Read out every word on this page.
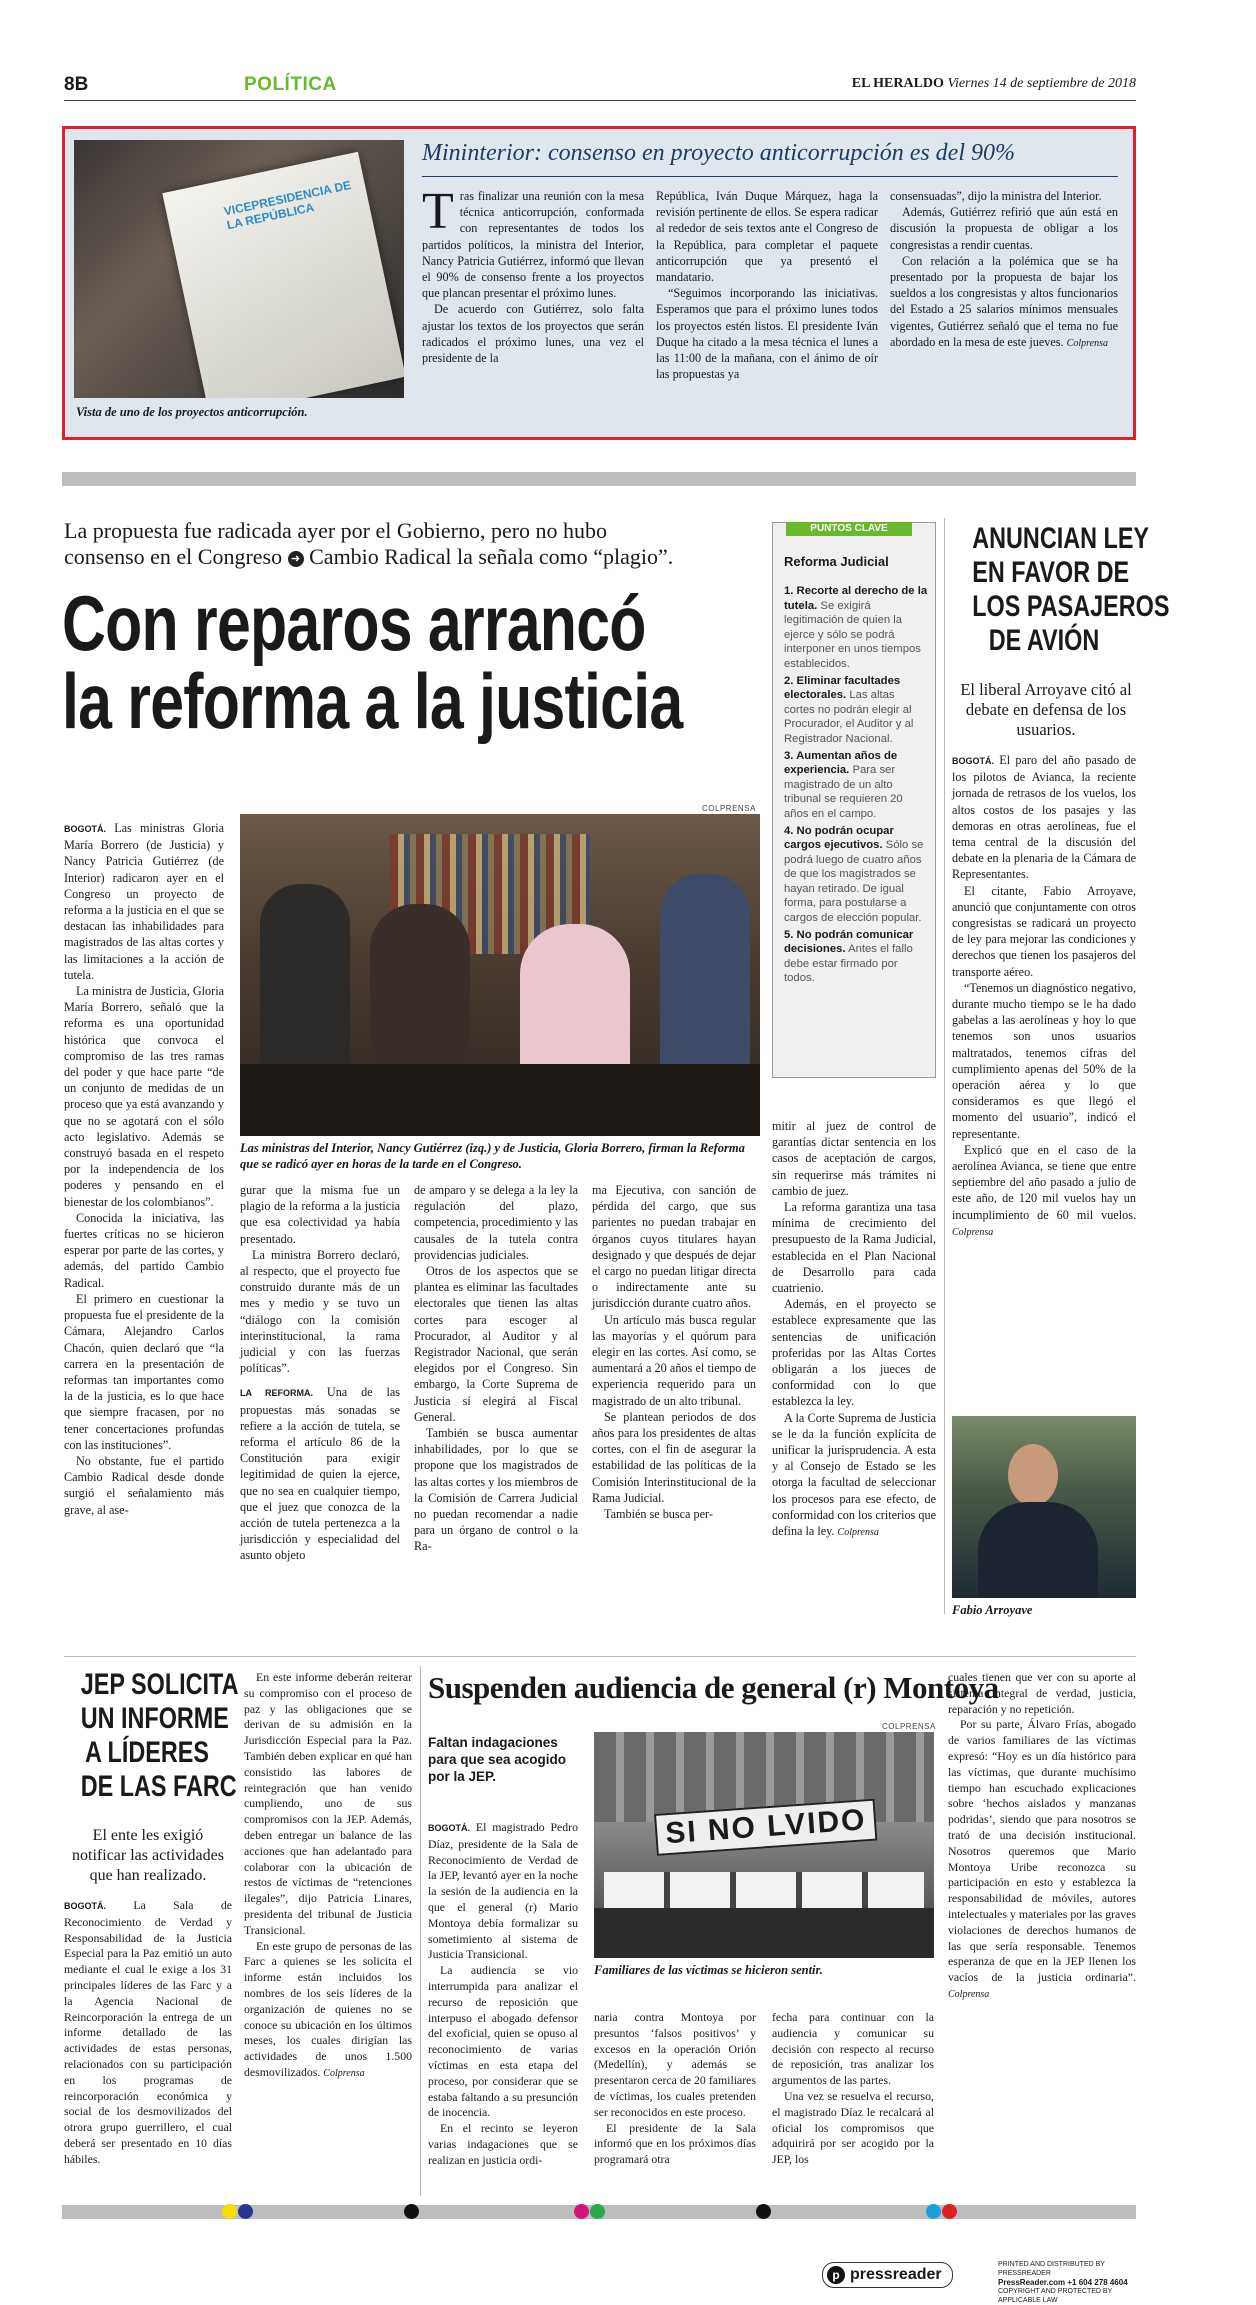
8B	POLÍTICA	EL HERALDO Viernes 14 de septiembre de 2018
VICEPRESIDENCIA DE LA REPÚBLICA
Vista de uno de los proyectos anticorrupción.
Mininterior: consenso en proyecto anticorrupción es del 90%

Tras finalizar una reunión con la mesa técnica anticorrupción, conformada con representantes de todos los partidos políticos, la ministra del Interior, Nancy Patricia Gutiérrez, informó que llevan el 90% de consenso frente a los proyectos que plancan presentar el próximo lunes.

De acuerdo con Gutiérrez, solo falta ajustar los textos de los proyectos que serán radicados el próximo lunes, una vez el presidente de la

República, Iván Duque Márquez, haga la revisión pertinente de ellos. Se espera radicar al rededor de seis textos ante el Congreso de la República, para completar el paquete anticorrupción que ya presentó el mandatario.

“Seguimos incorporando las iniciativas. Esperamos que para el próximo lunes todos los proyectos estén listos. El presidente Iván Duque ha citado a la mesa técnica el lunes a las 11:00 de la mañana, con el ánimo de oír las propuestas ya

consensuadas”, dijo la ministra del Interior.

Además, Gutiérrez refirió que aún está en discusión la propuesta de obligar a los congresistas a rendir cuentas.

Con relación a la polémica que se ha presentado por la propuesta de bajar los sueldos a los congresistas y altos funcionarios del Estado a 25 salarios mínimos mensuales vigentes, Gutiérrez señaló que el tema no fue abordado en la mesa de este jueves. Colprensa

La propuesta fue radicada ayer por el Gobierno, pero no hubo
consenso en el Congreso ➜ Cambio Radical la señala como “plagio”.
Con reparos arrancó
la reforma a la justicia
PUNTOS CLAVE
Reforma Judicial
1. Recorte al derecho de la tutela. Se exigirá legitimación de quien la ejerce y sólo se podrá interponer en unos tiempos establecidos.
2. Eliminar facultades electorales. Las altas cortes no podrán elegir al Procurador, el Auditor y al Registrador Nacional.
3. Aumentan años de experiencia. Para ser magistrado de un alto tribunal se requieren 20 años en el campo.
4. No podrán ocupar cargos ejecutivos. Sólo se podrá luego de cuatro años de que los magistrados se hayan retirado. De igual forma, para postularse a cargos de elección popular.
5. No podrán comunicar decisiones. Antes el fallo debe estar firmado por todos.
COLPRENSA
Las ministras del Interior, Nancy Gutiérrez (izq.) y de Justicia, Gloria Borrero, firman la Reforma que se radicó ayer en horas de la tarde en el Congreso.

BOGOTÁ. Las ministras Gloria María Borrero (de Justicia) y Nancy Patricia Gutiérrez (de Interior) radicaron ayer en el Congreso un proyecto de reforma a la justicia en el que se destacan las inhabilidades para magistrados de las altas cortes y las limitaciones a la acción de tutela.

La ministra de Justicia, Gloria María Borrero, señaló que la reforma es una oportunidad histórica que convoca el compromiso de las tres ramas del poder y que hace parte “de un conjunto de medidas de un proceso que ya está avanzando y que no se agotará con el sólo acto legislativo. Además se construyó basada en el respeto por la independencia de los poderes y pensando en el bienestar de los colombianos”.

Conocida la iniciativa, las fuertes críticas no se hicieron esperar por parte de las cortes, y además, del partido Cambio Radical.

El primero en cuestionar la propuesta fue el presidente de la Cámara, Alejandro Carlos Chacón, quien declaró que “la carrera en la presentación de reformas tan importantes como la de la justicia, es lo que hace que siempre fracasen, por no tener concertaciones profundas con las instituciones”.

No obstante, fue el partido Cambio Radical desde donde surgió el señalamiento más grave, al ase-

gurar que la misma fue un plagio de la reforma a la justicia que esa colectividad ya había presentado.

La ministra Borrero declaró, al respecto, que el proyecto fue construido durante más de un mes y medio y se tuvo un “diálogo con la comisión interinstitucional, la rama judicial y con las fuerzas políticas”.

LA REFORMA. Una de las propuestas más sonadas se refiere a la acción de tutela, se reforma el artículo 86 de la Constitución para exigir legitimidad de quien la ejerce, que no sea en cualquier tiempo, que el juez que conozca de la acción de tutela pertenezca a la jurisdicción y especialidad del asunto objeto

de amparo y se delega a la ley la regulación del plazo, competencia, procedimiento y las causales de la tutela contra providencias judiciales.

Otros de los aspectos que se plantea es eliminar las facultades electorales que tienen las altas cortes para escoger al Procurador, al Auditor y al Registrador Nacional, que serán elegidos por el Congreso. Sin embargo, la Corte Suprema de Justicia sí elegirá al Fiscal General.

También se busca aumentar inhabilidades, por lo que se propone que los magistrados de las altas cortes y los miembros de la Comisión de Carrera Judicial no puedan recomendar a nadie para un órgano de control o la Ra-

ma Ejecutiva, con sanción de pérdida del cargo, que sus parientes no puedan trabajar en órganos cuyos titulares hayan designado y que después de dejar el cargo no puedan litigar directa o indirectamente ante su jurisdicción durante cuatro años.

Un artículo más busca regular las mayorías y el quórum para elegir en las cortes. Así como, se aumentará a 20 años el tiempo de experiencia requerido para un magistrado de un alto tribunal.

Se plantean periodos de dos años para los presidentes de altas cortes, con el fin de asegurar la estabilidad de las políticas de la Comisión Interinstitucional de la Rama Judicial.

También se busca per-

mitir al juez de control de garantías dictar sentencia en los casos de aceptación de cargos, sin requerirse más trámites ni cambio de juez.

La reforma garantiza una tasa mínima de crecimiento del presupuesto de la Rama Judicial, establecida en el Plan Nacional de Desarrollo para cada cuatrienio.

Además, en el proyecto se establece expresamente que las sentencias de unificación proferidas por las Altas Cortes obligarán a los jueces de conformidad con lo que establezca la ley.

A la Corte Suprema de Justicia se le da la función explícita de unificar la jurisprudencia. A esta y al Consejo de Estado se les otorga la facultad de seleccionar los procesos para ese efecto, de conformidad con los criterios que defina la ley. Colprensa

ANUNCIAN LEY
EN FAVOR DE
LOS PASAJEROS
DE AVIÓN
El liberal Arroyave citó al debate en defensa de los usuarios.

BOGOTÁ. El paro del año pasado de los pilotos de Avianca, la reciente jornada de retrasos de los vuelos, los altos costos de los pasajes y las demoras en otras aerolíneas, fue el tema central de la discusión del debate en la plenaria de la Cámara de Representantes.

El citante, Fabio Arroyave, anunció que conjuntamente con otros congresistas se radicará un proyecto de ley para mejorar las condiciones y derechos que tienen los pasajeros del transporte aéreo.

“Tenemos un diagnóstico negativo, durante mucho tiempo se le ha dado gabelas a las aerolíneas y hoy lo que tenemos son unos usuarios maltratados, tenemos cifras del cumplimiento apenas del 50% de la operación aérea y lo que consideramos es que llegó el momento del usuario”, indicó el representante.

Explicó que en el caso de la aerolínea Avianca, se tiene que entre septiembre del año pasado a julio de este año, de 120 mil vuelos hay un incumplimiento de 60 mil vuelos. Colprensa

Fabio Arroyave
JEP SOLICITA
UN INFORME
A LÍDERES
DE LAS FARC
El ente les exigió notificar las actividades que han realizado.

BOGOTÁ. La Sala de Reconocimiento de Verdad y Responsabilidad de la Justicia Especial para la Paz emitió un auto mediante el cual le exige a los 31 principales líderes de las Farc y a la Agencia Nacional de Reincorporación la entrega de un informe detallado de las actividades de estas personas, relacionados con su participación en los programas de reincorporación económica y social de los desmovilizados del otrora grupo guerrillero, el cual deberá ser presentado en 10 días hábiles.

En este informe deberán reiterar su compromiso con el proceso de paz y las obligaciones que se derivan de su admisión en la Jurisdicción Especial para la Paz. También deben explicar en qué han consistido las labores de reintegración que han venido cumpliendo, uno de sus compromisos con la JEP. Además, deben entregar un balance de las acciones que han adelantado para colaborar con la ubicación de restos de víctimas de “retenciones ilegales”, dijo Patricia Linares, presidenta del tribunal de Justicia Transicional.

En este grupo de personas de las Farc a quienes se les solicita el informe están incluidos los nombres de los seis líderes de la organización de quienes no se conoce su ubicación en los últimos meses, los cuales dirigían las actividades de unos 1.500 desmovilizados. Colprensa

Suspenden audiencia de general (r) Montoya
Faltan indagaciones para que sea acogido por la JEP.
COLPRENSA
SI NO LVIDO
Familiares de las víctimas se hicieron sentir.

BOGOTÁ. El magistrado Pedro Díaz, presidente de la Sala de Reconocimiento de Verdad de la JEP, levantó ayer en la noche la sesión de la audiencia en la que el general (r) Mario Montoya debía formalizar su sometimiento al sistema de Justicia Transicional.

La audiencia se vio interrumpida para analizar el recurso de reposición que interpuso el abogado defensor del exoficial, quien se opuso al reconocimiento de varias víctimas en esta etapa del proceso, por considerar que se estaba faltando a su presunción de inocencia.

En el recinto se leyeron varias indagaciones que se realizan en justicia ordi-

naria contra Montoya por presuntos ‘falsos positivos’ y excesos en la operación Orión (Medellín), y además se presentaron cerca de 20 familiares de víctimas, los cuales pretenden ser reconocidos en este proceso.

El presidente de la Sala informó que en los próximos días programará otra

fecha para continuar con la audiencia y comunicar su decisión con respecto al recurso de reposición, tras analizar los argumentos de las partes.

Una vez se resuelva el recurso, el magistrado Díaz le recalcará al oficial los compromisos que adquirirá por ser acogido por la JEP, los

cuales tienen que ver con su aporte al sistema integral de verdad, justicia, reparación y no repetición.

Por su parte, Álvaro Frías, abogado de varios familiares de las víctimas expresó: “Hoy es un día histórico para las víctimas, que durante muchísimo tiempo han escuchado explicaciones sobre ‘hechos aislados y manzanas podridas’, siendo que para nosotros se trató de una decisión institucional. Nosotros queremos que Mario Montoya Uribe reconozca su participación en esto y establezca la responsabilidad de móviles, autores intelectuales y materiales por las graves violaciones de derechos humanos de las que sería responsable. Tenemos esperanza de que en la JEP llenen los vacíos de la justicia ordinaria”. Colprensa

p pressreader
PRINTED AND DISTRIBUTED BY PRESSREADER
PressReader.com +1 604 278 4604
COPYRIGHT AND PROTECTED BY APPLICABLE LAW
